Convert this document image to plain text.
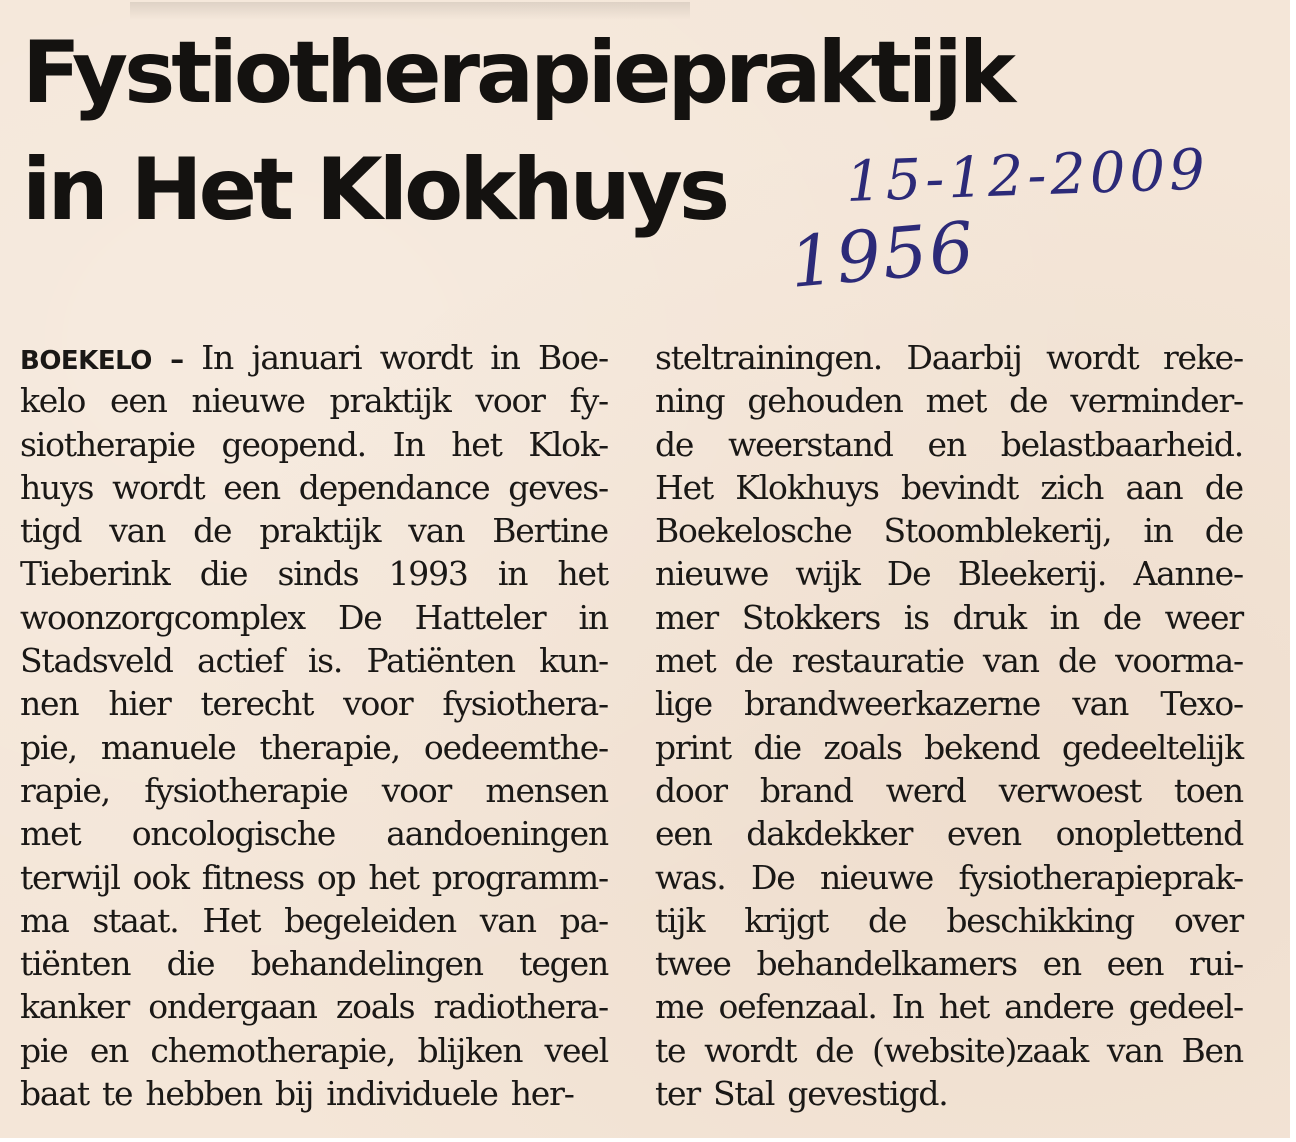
Fystiotherapiepraktijk
in Het Klokhuys 15-12-2009
1956
BOEKELO – In januari wordt in Boe-
kelo een nieuwe praktijk voor fy-
siotherapie geopend. In het Klok-
huys wordt een dependance geves-
tigd van de praktijk van Bertine
Tieberink die sinds 1993 in het
woonzorgcomplex De Hatteler in
Stadsveld actief is. Patiënten kun-
nen hier terecht voor fysiothera-
pie, manuele therapie, oedeemthe-
rapie, fysiotherapie voor mensen
met oncologische aandoeningen
terwijl ook fitness op het programm-
ma staat. Het begeleiden van pa-
tiënten die behandelingen tegen
kanker ondergaan zoals radiothera-
pie en chemotherapie, blijken veel
baat te hebben bij individuele her-
steltrainingen. Daarbij wordt reke-
ning gehouden met de verminder-
de weerstand en belastbaarheid.
Het Klokhuys bevindt zich aan de
Boekelosche Stoomblekerij, in de
nieuwe wijk De Bleekerij. Aanne-
mer Stokkers is druk in de weer
met de restauratie van de voorma-
lige brandweerkazerne van Texo-
print die zoals bekend gedeeltelijk
door brand werd verwoest toen
een dakdekker even onoplettend
was. De nieuwe fysiotherapieprak-
tijk krijgt de beschikking over
twee behandelkamers en een rui-
me oefenzaal. In het andere gedeel-
te wordt de (website)zaak van Ben
ter Stal gevestigd.
